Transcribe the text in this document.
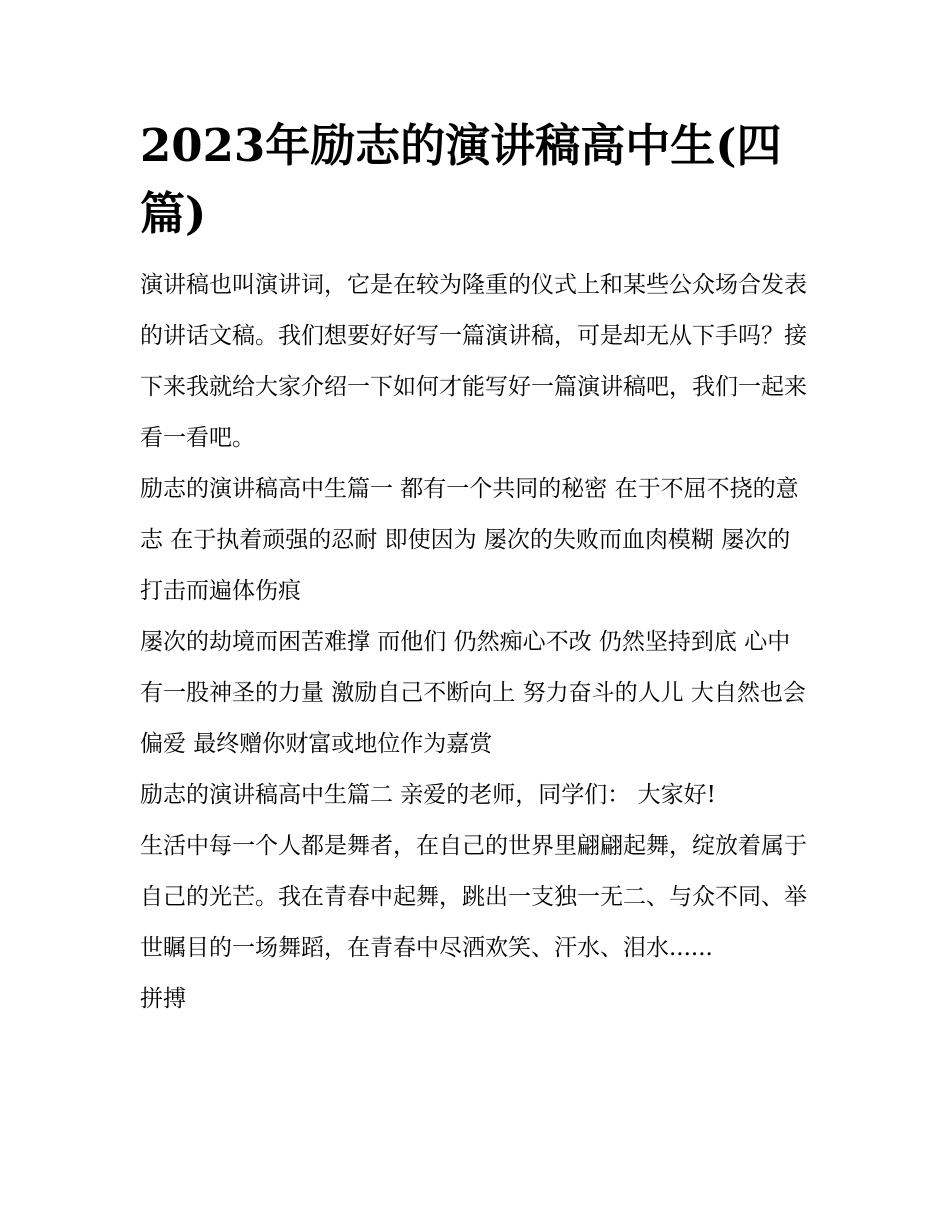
2023年励志的演讲稿高中生(四篇)

演讲稿也叫演讲词，它是在较为隆重的仪式上和某些公众场合发表的讲话文稿。我们想要好好写一篇演讲稿，可是却无从下手吗？接下来我就给大家介绍一下如何才能写好一篇演讲稿吧，我们一起来看一看吧。

励志的演讲稿高中生篇一 都有一个共同的秘密 在于不屈不挠的意志 在于执着顽强的忍耐 即使因为 屡次的失败而血肉模糊 屡次的打击而遍体伤痕

屡次的劫境而困苦难撑 而他们 仍然痴心不改 仍然坚持到底 心中有一股神圣的力量 激励自己不断向上 努力奋斗的人儿 大自然也会偏爱 最终赠你财富或地位作为嘉赏

励志的演讲稿高中生篇二 亲爱的老师，同学们： 大家好!

生活中每一个人都是舞者，在自己的世界里翩翩起舞，绽放着属于自己的光芒。我在青春中起舞，跳出一支独一无二、与众不同、举世瞩目的一场舞蹈，在青春中尽洒欢笑、汗水、泪水......

拼搏
